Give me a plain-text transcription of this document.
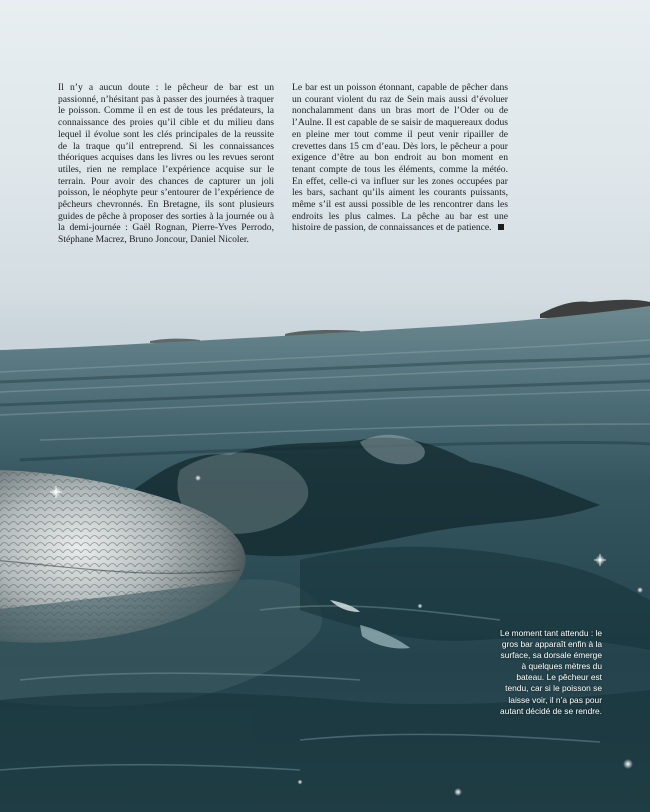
Il n’y a aucun doute : le pêcheur de bar est un passionné, n’hésitant pas à passer des journées à traquer le poisson. Comme il en est de tous les prédateurs, la connaissance des proies qu’il cible et du milieu dans lequel il évolue sont les clés principales de la reussite de la traque qu’il entreprend. Si les connaissances théoriques acquises dans les livres ou les revues seront utiles, rien ne remplace l’expérience acquise sur le terrain. Pour avoir des chances de capturer un joli poisson, le néophyte peur s’entourer de l’expérience de pêcheurs chevronnés. En Bretagne, ils sont plusieurs guides de pêche à proposer des sorties à la journée ou à la demi-journée : Gaël Rognan, Pierre-Yves Perrodo, Stéphane Macrez, Bruno Joncour, Daniel Nicoler.

Le bar est un poisson étonnant, capable de pêcher dans un courant violent du raz de Sein mais aussi d’évoluer nonchalamment dans un bras mort de l’Oder ou de l’Aulne. Il est capable de se saisir de maquereaux dodus en pleine mer tout comme il peut venir ripailler de crevettes dans 15 cm d’eau. Dès lors, le pêcheur a pour exigence d’être au bon endroit au bon moment en tenant compte de tous les éléments, comme la météo. En effet, celle-ci va influer sur les zones occupées par les bars, sachant qu’ils aiment les courants puissants, même s’il est aussi possible de les rencontrer dans les endroits les plus calmes. La pêche au bar est une histoire de passion, de connaissances et de patience.

Le moment tant attendu : le gros bar apparaît enfin à la surface, sa dorsale émerge à quelques mètres du bateau. Le pêcheur est tendu, car si le poisson se laisse voir, il n’a pas pour autant décidé de se rendre.
